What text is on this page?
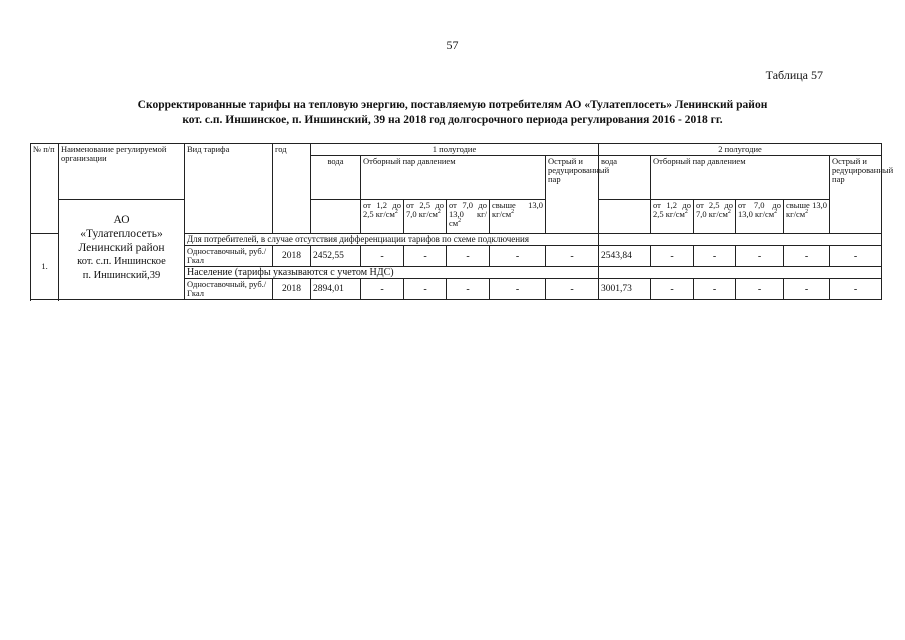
57
Таблица 57
Скорректированные тарифы на тепловую энергию, поставляемую потребителям АО «Тулатеплосеть» Ленинский район
кот. с.п. Иншинское, п. Иншинский, 39 на 2018 год долгосрочного периода регулирования 2016 - 2018 гг.
№ п/п	Наименование регулируемой организации	Вид тарифа	год	1 полугодие						2 полугодие					
				вода	Отборный пар давлением				Острый и редуцированный пар	вода	Отборный пар давлением				Острый и редуцированный пар

	АО
«Тулатеплосеть»
Ленинский район
кот. с.п. Иншинское
п. Иншинский,39				от 1,2 до 2,5 $кг/см^2$	от 2,5 до 7,0 $кг/см^2$	от 7,0 до 13,0 $кг/см^2$	свыше 13,0 $кг/см^2$			от 1,2 до 2,5 $кг/см^2$	от 2,5 до 7,0 $кг/см^2$	от 7,0 до 13,0 $кг/см^2$	свыше 13,0 $кг/см^2$
1.		Для потребителей, в случае отсутствия дифференциации тарифов по схеме подключения													
		Одноставочный, руб./Гкал	2018	2452,55	-	-	-	-	-	2543,84	-	-	-	-	-
		Население (тарифы указываются с учетом НДС)													
		Одноставочный, руб./Гкал	2018	2894,01	-	-	-	-	-	3001,73	-	-	-	-	-
